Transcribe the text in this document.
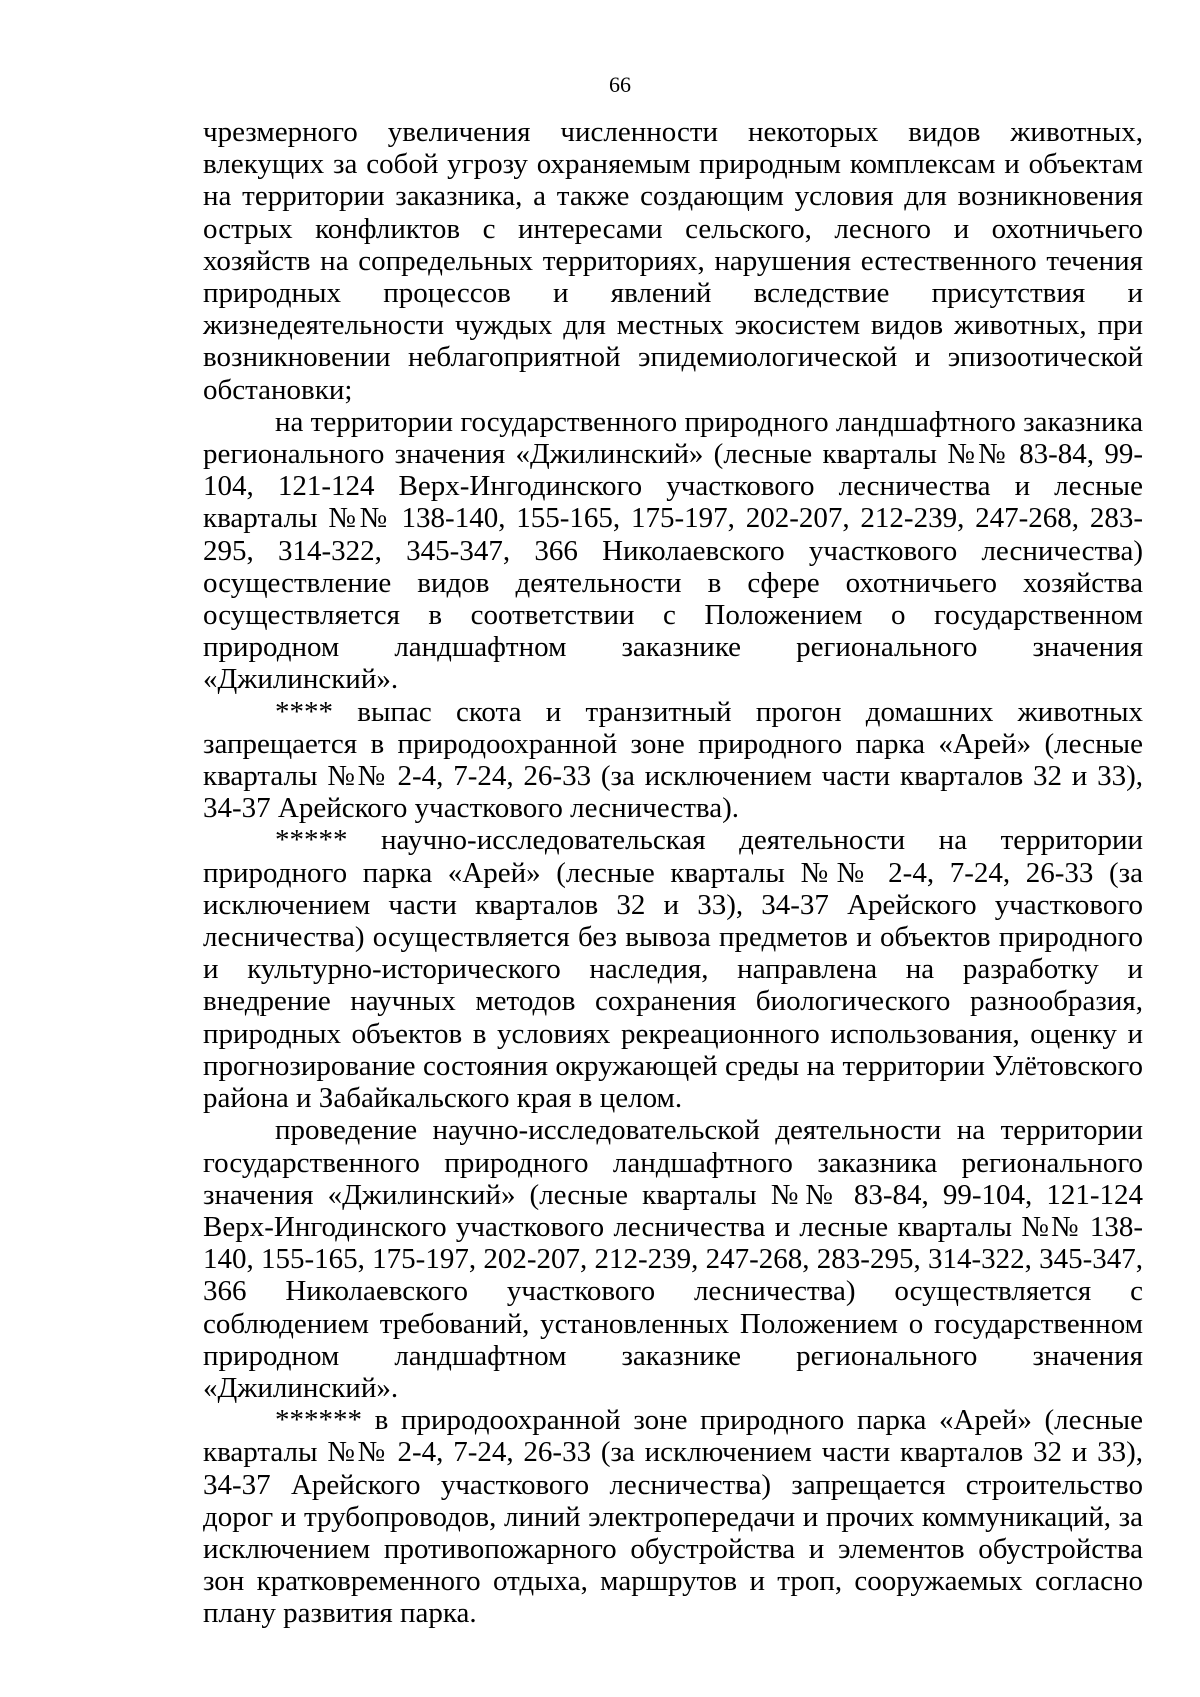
66

чрезмерного увеличения численности некоторых видов животных, влекущих за собой угрозу охраняемым природным комплексам и объектам на территории заказника, а также создающим условия для возникновения острых конфликтов с интересами сельского, лесного и охотничьего хозяйств на сопредельных территориях, нарушения естественного течения природных процессов и явлений вследствие присутствия и жизнедеятельности чуждых для местных экосистем видов животных, при возникновении неблагоприятной эпидемиологической и эпизоотической обстановки;

на территории государственного природного ландшафтного заказника регионального значения «Джилинский» (лесные кварталы №№ 83-84, 99-104, 121-124 Верх-Ингодинского участкового лесничества и лесные кварталы №№ 138-140, 155-165, 175-197, 202-207, 212-239, 247-268, 283-295, 314-322, 345-347, 366 Николаевского участкового лесничества) осуществление видов деятельности в сфере охотничьего хозяйства осуществляется в соответствии с Положением о государственном природном ландшафтном заказнике регионального значения «Джилинский».

**** выпас скота и транзитный прогон домашних животных запрещается в природоохранной зоне природного парка «Арей» (лесные кварталы №№ 2-4, 7-24, 26-33 (за исключением части кварталов 32 и 33), 34-37 Арейского участкового лесничества).

***** научно-исследовательская деятельности на территории природного парка «Арей» (лесные кварталы №№ 2-4, 7-24, 26-33 (за исключением части кварталов 32 и 33), 34-37 Арейского участкового лесничества) осуществляется без вывоза предметов и объектов природного и культурно-исторического наследия, направлена на разработку и внедрение научных методов сохранения биологического разнообразия, природных объектов в условиях рекреационного использования, оценку и прогнозирование состояния окружающей среды на территории Улётовского района и Забайкальского края в целом.

проведение научно-исследовательской деятельности на территории государственного природного ландшафтного заказника регионального значения «Джилинский» (лесные кварталы №№ 83-84, 99-104, 121-124 Верх-Ингодинского участкового лесничества и лесные кварталы №№ 138-140, 155-165, 175-197, 202-207, 212-239, 247-268, 283-295, 314-322, 345-347, 366 Николаевского участкового лесничества) осуществляется с соблюдением требований, установленных Положением о государственном природном ландшафтном заказнике регионального значения «Джилинский».

****** в природоохранной зоне природного парка «Арей» (лесные кварталы №№ 2-4, 7-24, 26-33 (за исключением части кварталов 32 и 33), 34-37 Арейского участкового лесничества) запрещается строительство дорог и трубопроводов, линий электропередачи и прочих коммуникаций, за исключением противопожарного обустройства и элементов обустройства зон кратковременного отдыха, маршрутов и троп, сооружаемых согласно плану развития парка.
